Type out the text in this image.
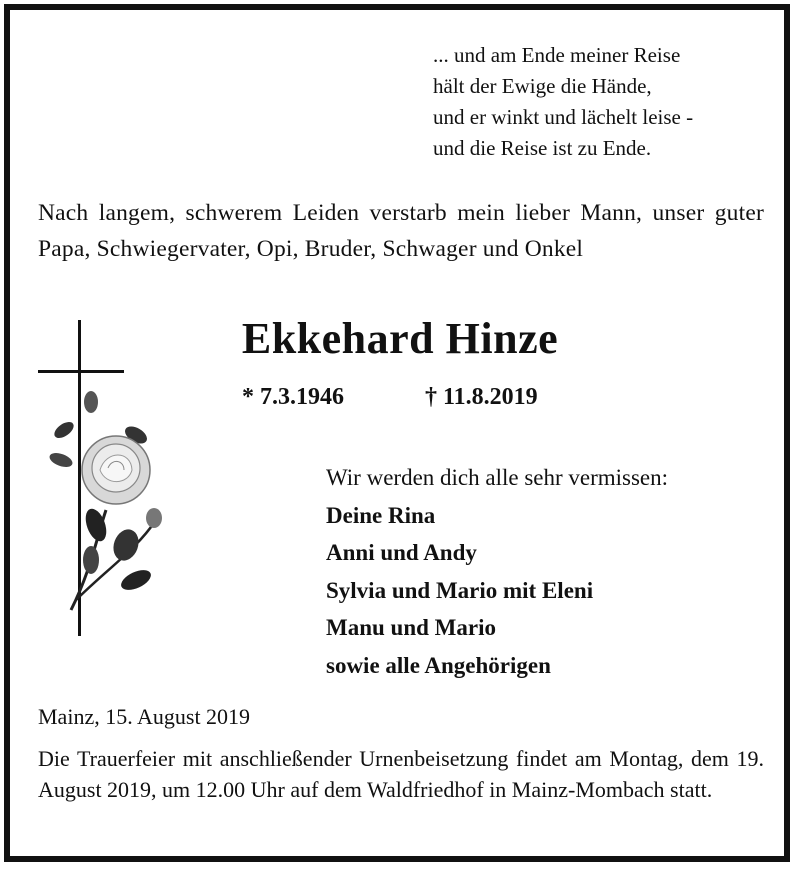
... und am Ende meiner Reise
hält der Ewige die Hände,
und er winkt und lächelt leise -
und die Reise ist zu Ende.
Nach langem, schwerem Leiden verstarb mein lieber Mann, unser guter Papa, Schwiegervater, Opi, Bruder, Schwager und Onkel
Ekkehard Hinze
* 7.3.1946	† 11.8.2019
Wir werden dich alle sehr vermissen:
Deine Rina
Anni und Andy
Sylvia und Mario mit Eleni
Manu und Mario
sowie alle Angehörigen
Mainz, 15. August 2019
Die Trauerfeier mit anschließender Urnenbeisetzung findet am Montag, dem 19. August 2019, um 12.00 Uhr auf dem Waldfriedhof in Mainz-Mombach statt.
